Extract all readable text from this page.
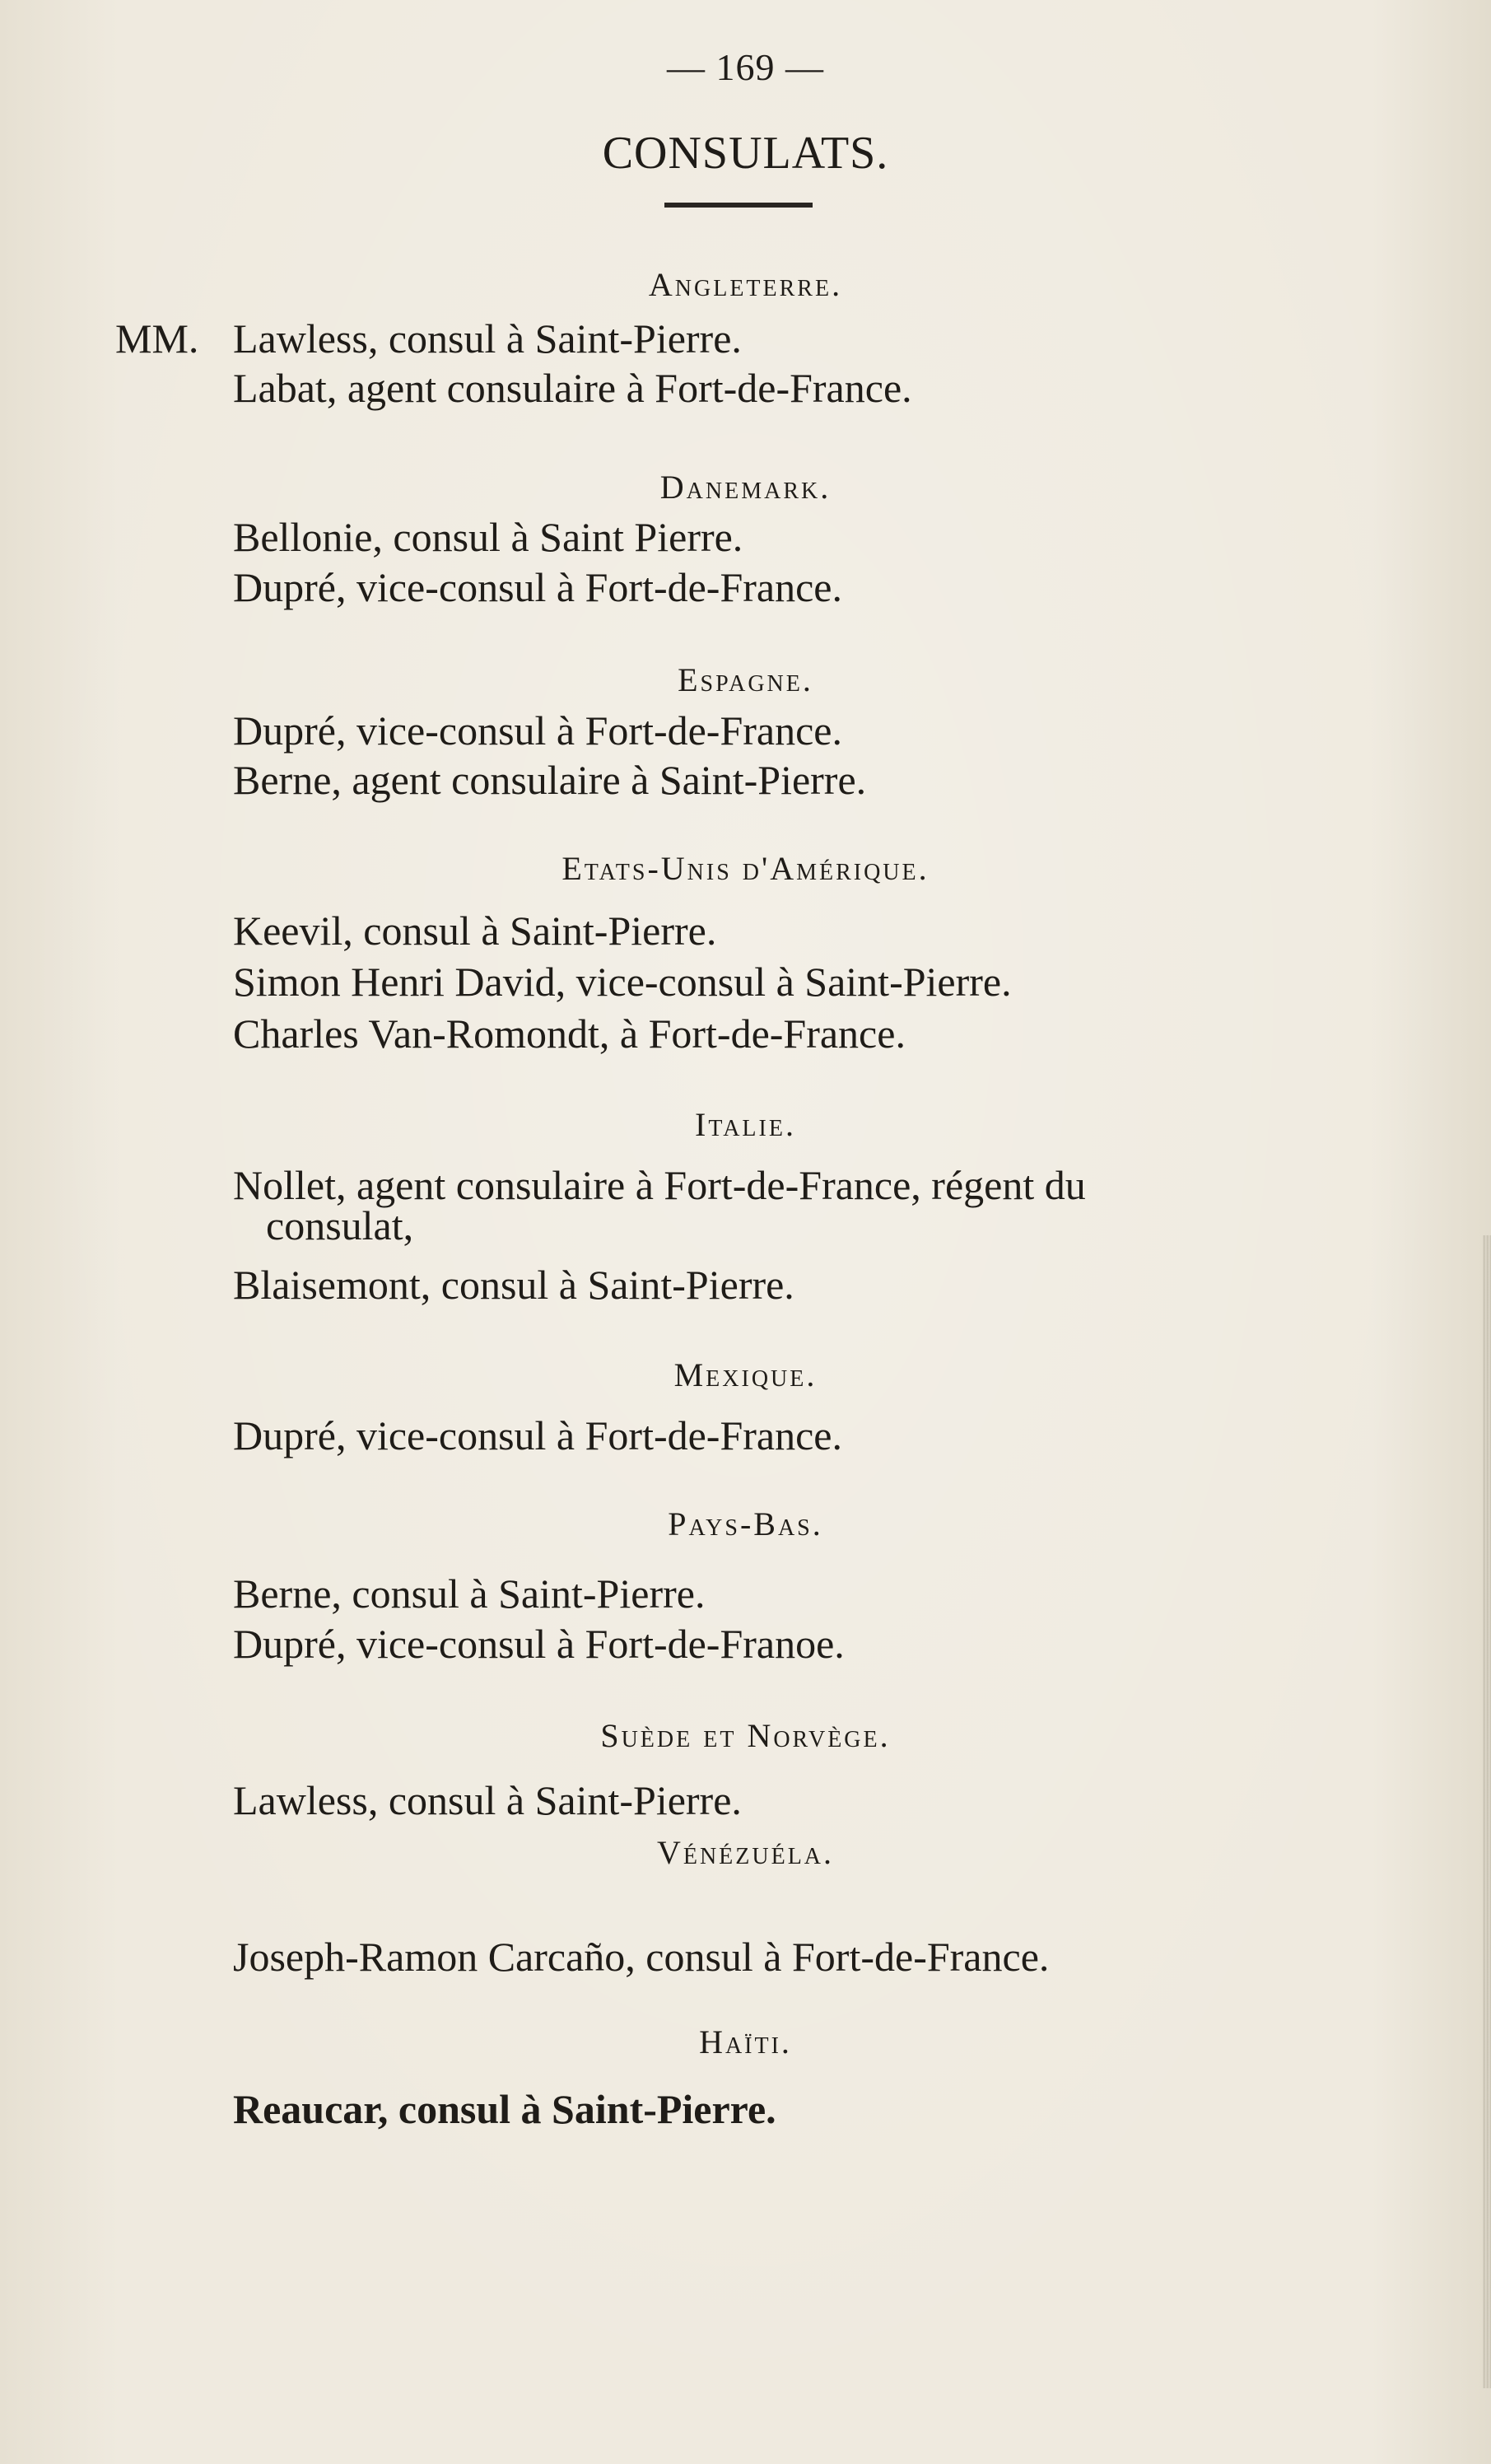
— 169 —
CONSULATS.
Angleterre.
MM. Lawless, consul à Saint-Pierre.
Labat, agent consulaire à Fort-de-France.
Danemark.
Bellonie, consul à Saint Pierre.
Dupré, vice-consul à Fort-de-France.
Espagne.
Dupré, vice-consul à Fort-de-France.
Berne, agent consulaire à Saint-Pierre.
Etats-Unis d'Amérique.
Keevil, consul à Saint-Pierre.
Simon Henri David, vice-consul à Saint-Pierre.
Charles Van-Romondt, à Fort-de-France.
Italie.
Nollet, agent consulaire à Fort-de-France, régent du
consulat,
Blaisemont, consul à Saint-Pierre.
Mexique.
Dupré, vice-consul à Fort-de-France.
Pays-Bas.
Berne, consul à Saint-Pierre.
Dupré, vice-consul à Fort-de-Franoe.
Suède et Norvège.
Lawless, consul à Saint-Pierre.
Vénézuéla.
Joseph-Ramon Carcaño, consul à Fort-de-France.
Haïti.
Reaucar, consul à Saint-Pierre.
